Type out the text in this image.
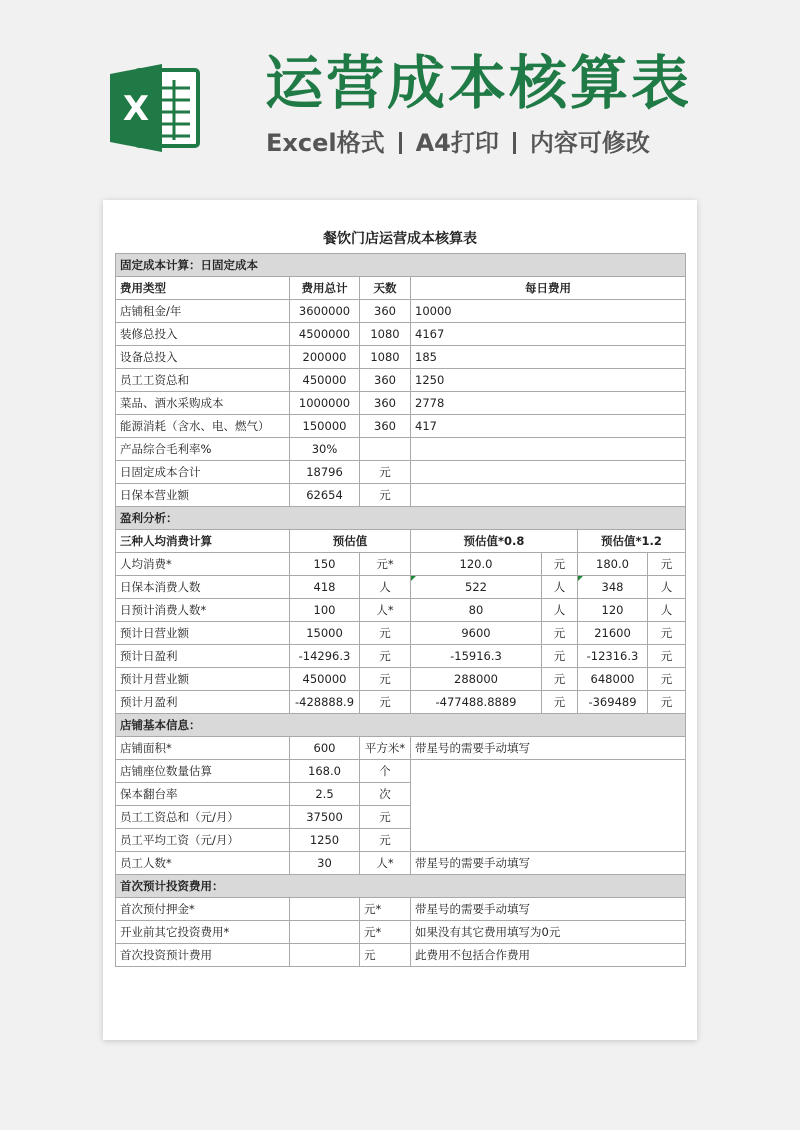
X 运营成本核算表
Excel格式 A4打印 内容可修改
餐饮门店运营成本核算表
固定成本计算：日固定成本						
费用类型	费用总计	天数	每日费用			
店铺租金/年	3600000	360	10000			
装修总投入	4500000	1080	4167			
设备总投入	200000	1080	185			
员工工资总和	450000	360	1250			
菜品、酒水采购成本	1000000	360	2778			
能源消耗（含水、电、燃气）	150000	360	417			
产品综合毛利率%	30%					
日固定成本合计	18796	元				
日保本营业额	62654	元				
盈利分析：						
三种人均消费计算	预估值		预估值*0.8		预估值*1.2	
人均消费*	150	元*	120.0	元	180.0	元
日保本消费人数	418	人	522	人	348	人
日预计消费人数*	100	人*	80	人	120	人
预计日营业额	15000	元	9600	元	21600	元
预计日盈利	-14296.3	元	-15916.3	元	-12316.3	元
预计月营业额	450000	元	288000	元	648000	元
预计月盈利	-428888.9	元	-477488.8889	元	-369489	元
店铺基本信息：						
店铺面积*	600	平方米*	带星号的需要手动填写			
店铺座位数量估算	168.0	个				
保本翻台率	2.5	次				
员工工资总和（元/月）	37500	元				
员工平均工资（元/月）	1250	元				
员工人数*	30	人*	带星号的需要手动填写			
首次预计投资费用：						
首次预付押金*		元*	带星号的需要手动填写			
开业前其它投资费用*		元*	如果没有其它费用填写为0元			
首次投资预计费用		元	此费用不包括合作费用			
